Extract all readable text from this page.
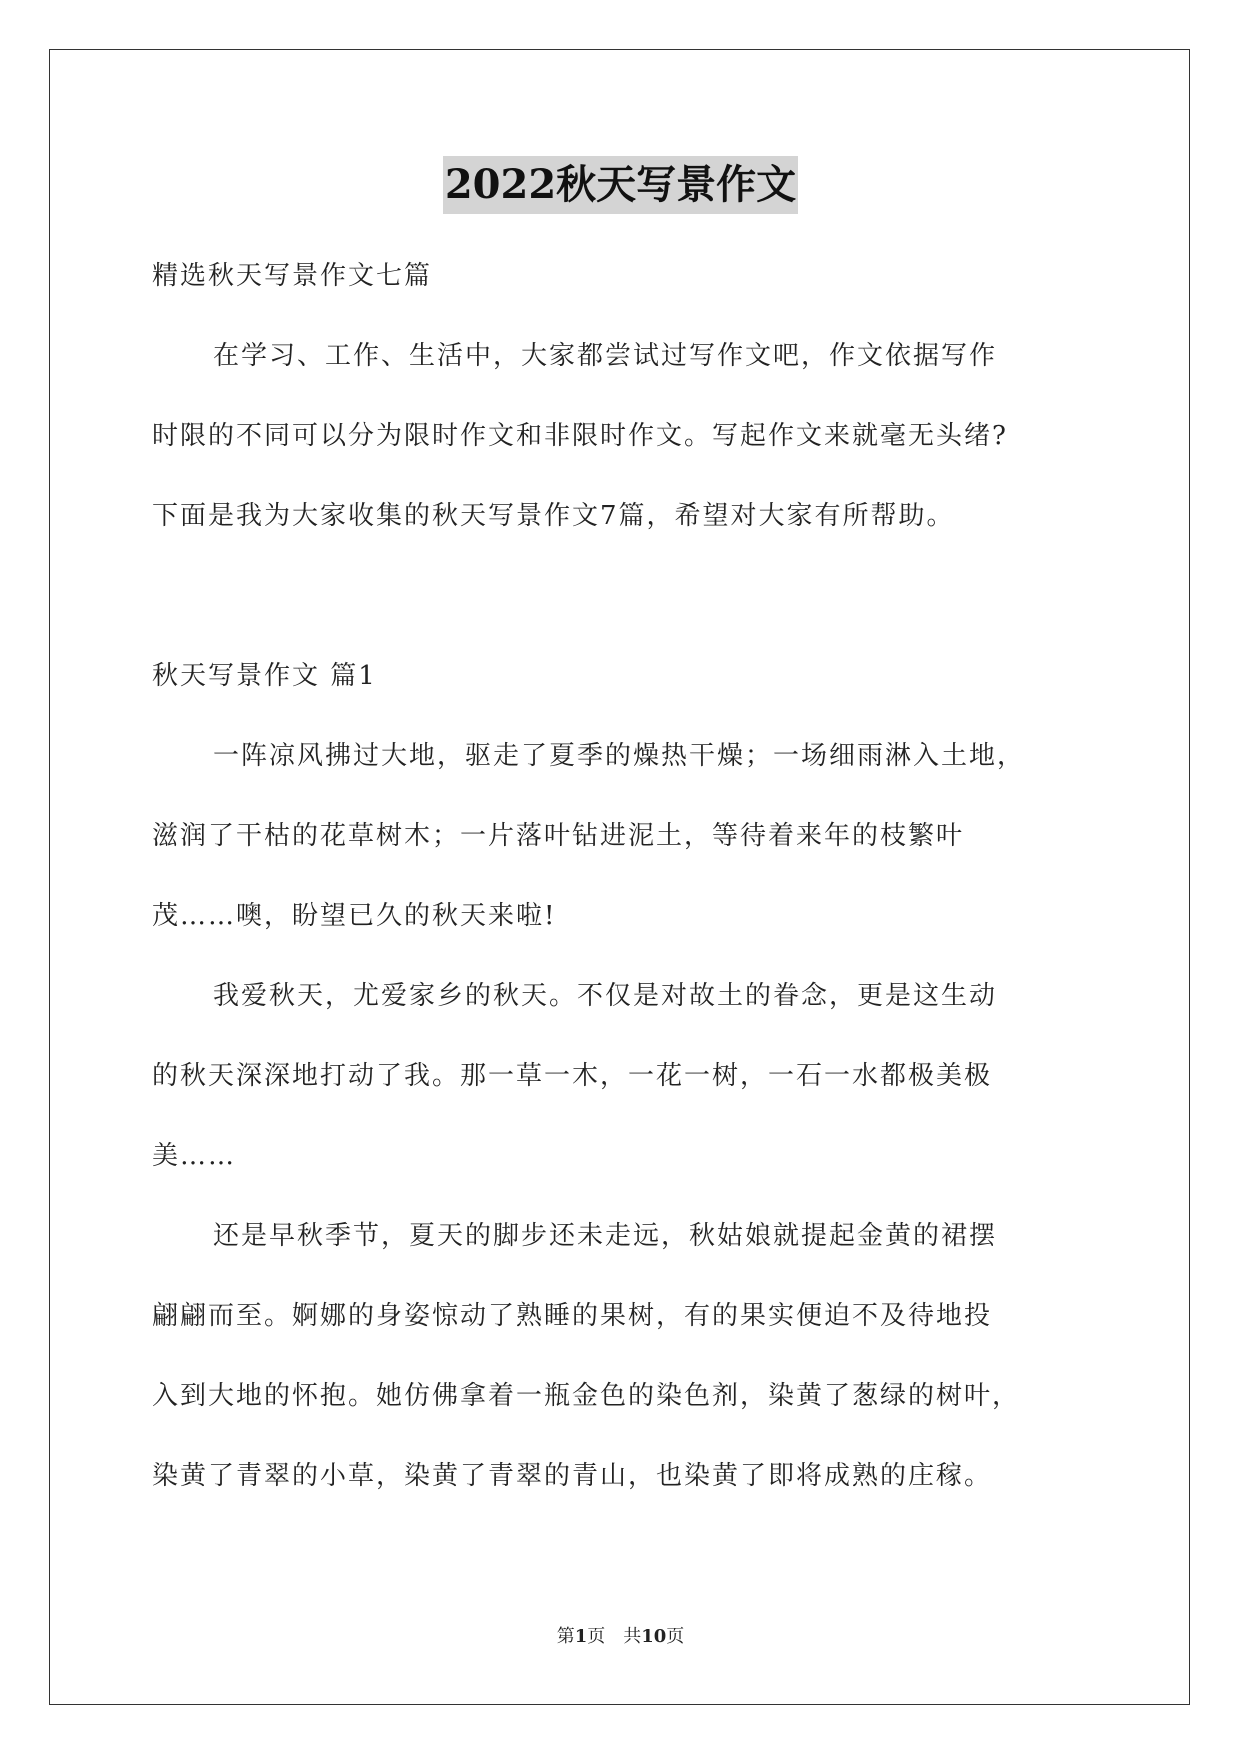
2022秋天写景作文
精选秋天写景作文七篇
在学习、工作、生活中，大家都尝试过写作文吧，作文依据写作
时限的不同可以分为限时作文和非限时作文。写起作文来就毫无头绪?
下面是我为大家收集的秋天写景作文7篇，希望对大家有所帮助。
秋天写景作文 篇1
一阵凉风拂过大地，驱走了夏季的燥热干燥；一场细雨淋入土地，
滋润了干枯的花草树木；一片落叶钻进泥土，等待着来年的枝繁叶
茂……噢，盼望已久的秋天来啦!
我爱秋天，尤爱家乡的秋天。不仅是对故土的眷念，更是这生动
的秋天深深地打动了我。那一草一木，一花一树，一石一水都极美极
美……
还是早秋季节，夏天的脚步还未走远，秋姑娘就提起金黄的裙摆
翩翩而至。婀娜的身姿惊动了熟睡的果树，有的果实便迫不及待地投
入到大地的怀抱。她仿佛拿着一瓶金色的染色剂，染黄了葱绿的树叶，
染黄了青翠的小草，染黄了青翠的青山，也染黄了即将成熟的庄稼。
第1页　共10页
